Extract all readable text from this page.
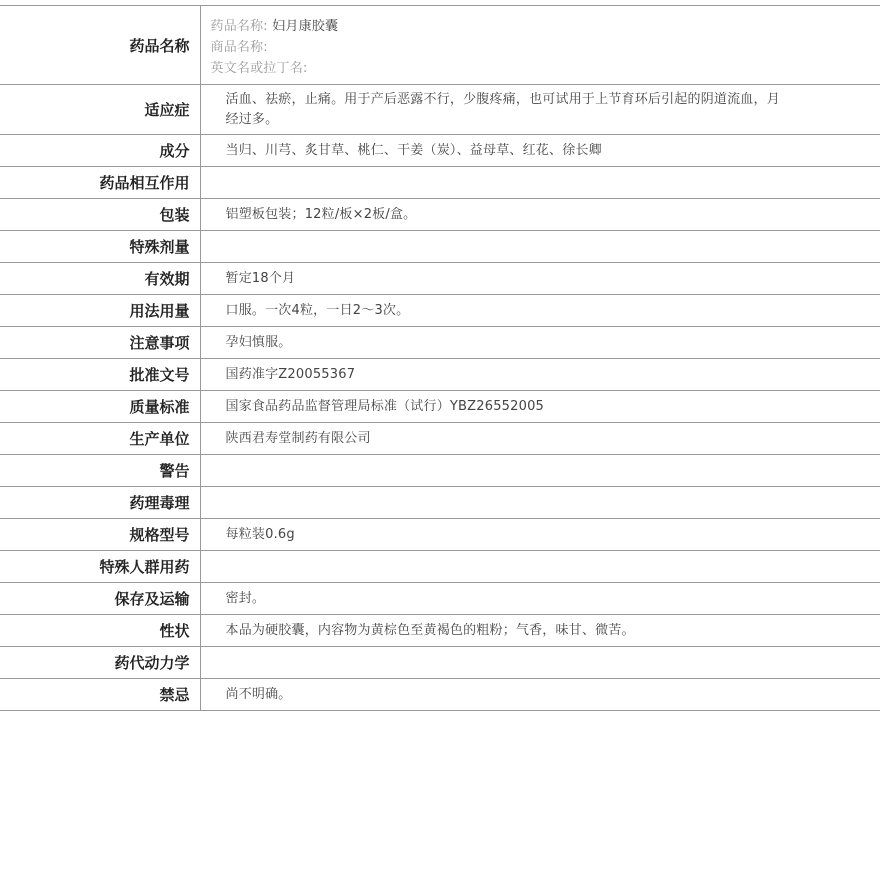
药品名称	药品名称: 妇月康胶囊
商品名称:
英文名或拉丁名:

适应症	活血、祛瘀，止痛。用于产后恶露不行，少腹疼痛，也可试用于上节育环后引起的阴道流血，月经过多。
成分	当归、川芎、炙甘草、桃仁、干姜（炭）、益母草、红花、徐长卿
药品相互作用	
包装	铝塑板包装；12粒/板×2板/盒。
特殊剂量	
有效期	暂定18个月
用法用量	口服。一次4粒，一日2～3次。
注意事项	孕妇慎服。
批准文号	国药准字Z20055367
质量标准	国家食品药品监督管理局标准（试行）YBZ26552005
生产单位	陕西君寿堂制药有限公司
警告	
药理毒理	
规格型号	每粒装0.6g
特殊人群用药	
保存及运输	密封。
性状	本品为硬胶囊，内容物为黄棕色至黄褐色的粗粉；气香，味甘、微苦。
药代动力学	
禁忌	尚不明确。
